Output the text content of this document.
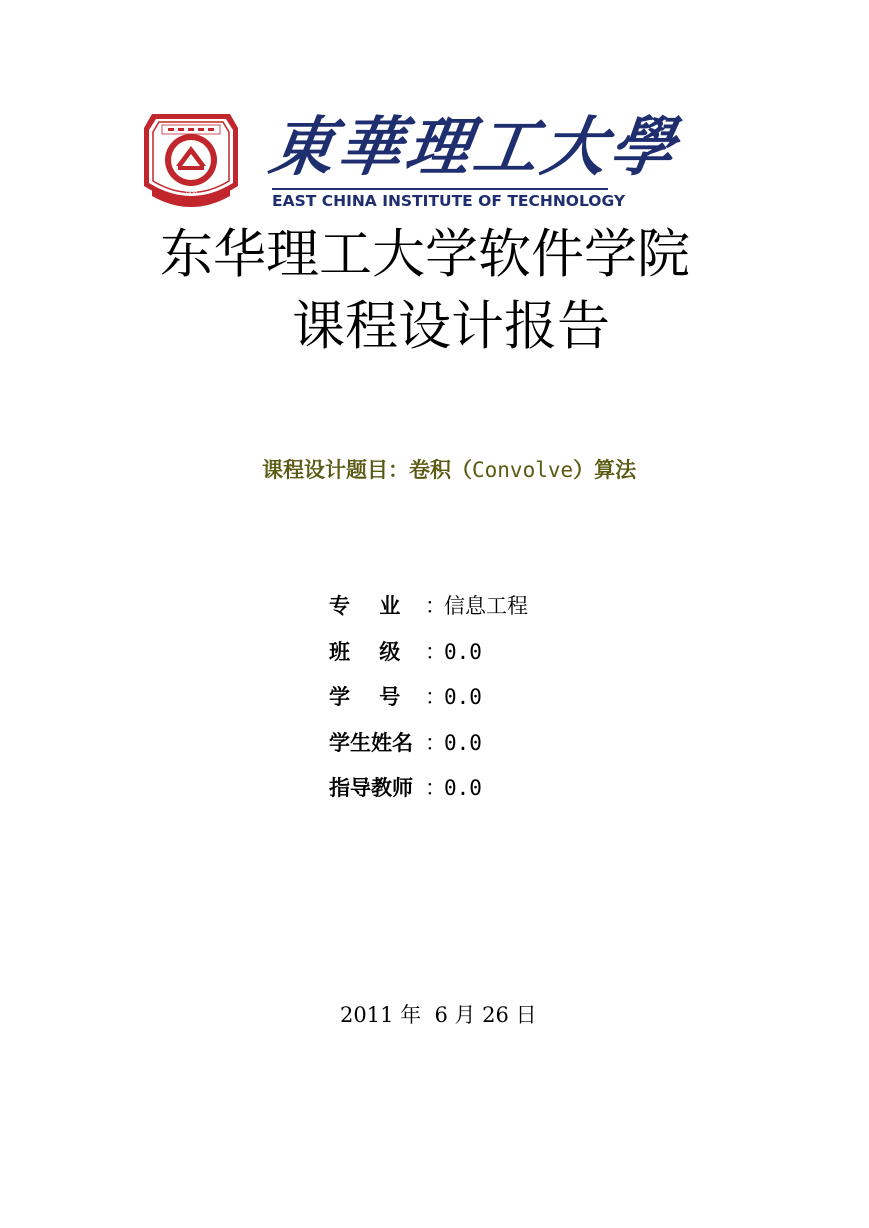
1956
東華理工大學
EAST CHINA INSTITUTE OF TECHNOLOGY
东华理工大学软件学院
课程设计报告
课程设计题目：卷积（Convolve）算法
专    业	：
信息工程
班    级	：
0.0
学    号	：
0.0
学生姓名 ：
0.0
指导教师 ：
0.0
2011 年  6 月 26 日
